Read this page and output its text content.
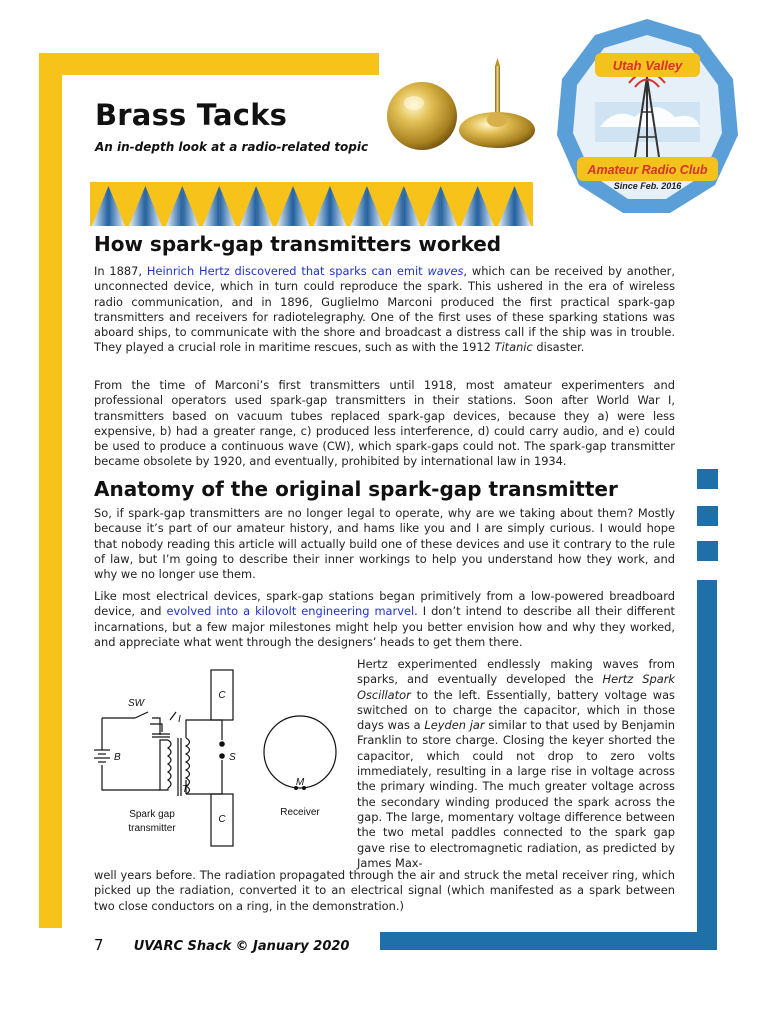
Brass Tacks
An in-depth look at a radio-related topic
Utah Valley
Amateur Radio Club
Since Feb. 2016
How spark-gap transmitters worked

In 1887, Heinrich Hertz discovered that sparks can emit waves, which can be received by another, unconnected device, which in turn could reproduce the spark. This ushered in the era of wireless radio communication, and in 1896, Guglielmo Marconi produced the first practical spark-gap transmitters and receivers for radiotelegraphy. One of the first uses of these sparking stations was aboard ships, to communicate with the shore and broadcast a distress call if the ship was in trouble. They played a crucial role in maritime rescues, such as with the 1912 Titanic disaster.

From the time of Marconi’s first transmitters until 1918, most amateur experimenters and professional operators used spark-gap transmitters in their stations. Soon after World War I, transmitters based on vacuum tubes replaced spark-gap devices, because they a) were less expensive, b) had a greater range, c) produced less interference, d) could carry audio, and e) could be used to produce a continuous wave (CW), which spark-gaps could not. The spark-gap transmitter became obsolete by 1920, and eventually, prohibited by international law in 1934.

Anatomy of the original spark-gap transmitter

So, if spark-gap transmitters are no longer legal to operate, why are we taking about them? Mostly because it’s part of our amateur history, and hams like you and I are simply curious. I would hope that nobody reading this article will actually build one of these devices and use it contrary to the rule of law, but I’m going to describe their inner workings to help you understand how they work, and why we no longer use them.

Like most electrical devices, spark-gap stations began primitively from a low-powered breadboard device, and evolved into a kilovolt engineering marvel. I don’t intend to describe all their different incarnations, but a few major milestones might help you better envision how and why they worked, and appreciate what went through the designers’ heads to get them there.

Hertz experimented endlessly making waves from sparks, and eventually developed the Hertz Spark Oscillator to the left. Essentially, battery voltage was switched on to charge the capacitor, which in those days was a Leyden jar similar to that used by Benjamin Franklin to store charge. Closing the keyer shorted the capacitor, which could not drop to zero volts immediately, resulting in a large rise in voltage across the primary winding. The much greater voltage across the secondary winding produced the spark across the gap. The large, momentary voltage difference between the two metal paddles connected to the spark gap gave rise to electromagnetic radiation, as predicted by James Max-

well years before. The radiation propagated through the air and struck the metal receiver ring, which picked up the radiation, converted it to an electrical signal (which manifested as a spark between two close conductors on a ring, in the demonstration.)

SW
I
B
T
C
C
S
M
Spark gap
transmitter
Receiver
7 UVARC Shack © January 2020
